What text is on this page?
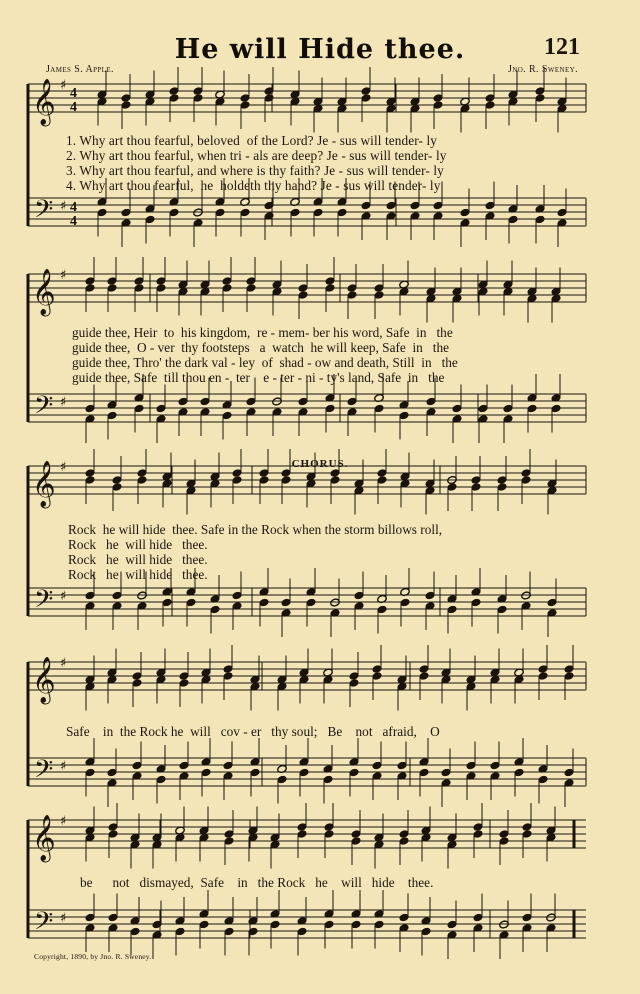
He will Hide thee.	121
James S. Apple.	Jno. R. Sweney.
𝄞
𝄢
♯
♯
4
4
4
4
𝄞
𝄢
♯
♯
𝄞
𝄢
♯
♯
𝄞
𝄢
♯
♯
𝄞
𝄢
♯
♯
1. Why art thou fearful, beloved  of the Lord? Je - sus will tender- ly
2. Why art thou fearful, when tri - als are deep? Je - sus will tender- ly
3. Why art thou fearful, and where is thy faith? Je - sus will tender- ly
4. Why art thou fearful,  he  holdeth thy hand? Je - sus will tender- ly
guide thee, Heir  to  his kingdom,  re - mem- ber his word, Safe  in   the
guide thee,  O - ver  thy footsteps   a  watch  he will keep, Safe  in   the
guide thee, Thro' the dark val - ley  of  shad - ow and death, Still  in   the
guide thee, Safe  till thou en -  ter    e - ter - ni - ty's land, Safe  in   the
CHORUS.
Rock  he will hide  thee. Safe in the Rock when the storm billows roll,
Rock   he  will hide   thee.
Rock   he  will hide   thee.
Rock   he  will hide   thee.
Safe    in  the Rock he  will   cov - er   thy soul;   Be    not   afraid,    O
be      not   dismayed,  Safe    in   the Rock   he    will   hide    thee.
Copyright, 1890, by Jno. R. Sweney.
